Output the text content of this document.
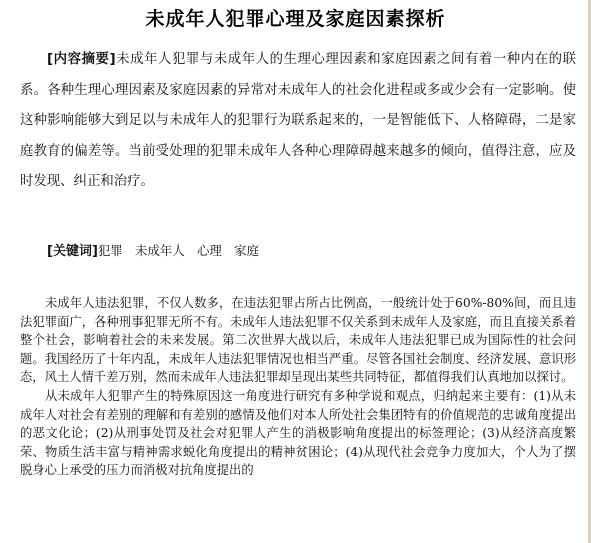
未成年人犯罪心理及家庭因素探析

[内容摘要]未成年人犯罪与未成年人的生理心理因素和家庭因素之间有着一种内在的联系。各种生理心理因素及家庭因素的异常对未成年人的社会化进程或多或少会有一定影响。使这种影响能够大到足以与未成年人的犯罪行为联系起来的，一是智能低下、人格障碍，二是家庭教育的偏差等。当前受处理的犯罪未成年人各种心理障碍越来越多的倾向，值得注意，应及时发现、纠正和治疗。

[关键词]犯罪　未成年人　心理　家庭

未成年人违法犯罪，不仅人数多，在违法犯罪占所占比例高，一般统计处于60%-80%间，而且违法犯罪面广，各种刑事犯罪无所不有。未成年人违法犯罪不仅关系到未成年人及家庭，而且直接关系着整个社会，影响着社会的未来发展。第二次世界大战以后，未成年人违法犯罪已成为国际性的社会问题。我国经历了十年内乱，未成年人违法犯罪情况也相当严重。尽管各国社会制度、经济发展、意识形态，风土人情千差万别，然而未成年人违法犯罪却呈现出某些共同特征，都值得我们认真地加以探讨。

从未成年人犯罪产生的特殊原因这一角度进行研究有多种学说和观点，归纳起来主要有：(1)从未成年人对社会有差别的理解和有差别的感情及他们对本人所处社会集团特有的价值规范的忠诚角度提出的恶文化论；(2)从刑事处罚及社会对犯罪人产生的消极影响角度提出的标签理论；(3)从经济高度繁荣、物质生活丰富与精神需求蜕化角度提出的精神贫困论；(4)从现代社会竞争力度加大，个人为了摆脱身心上承受的压力而消极对抗角度提出的
